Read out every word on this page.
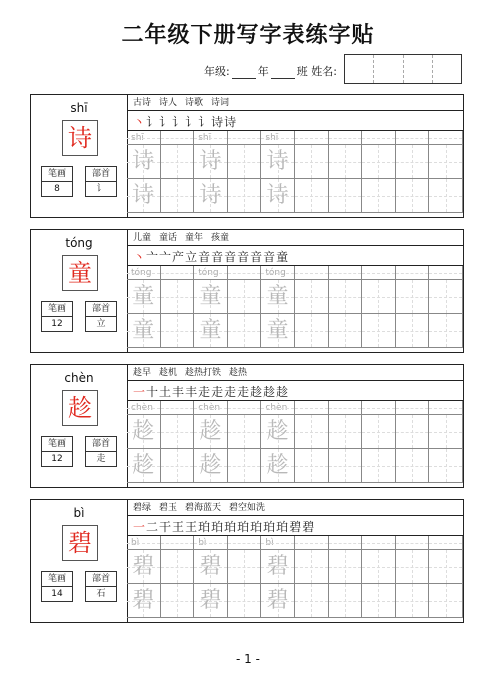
二年级下册写字表练字贴
年级:	年	班 姓名:
shī
诗
笔画
8
部首
讠
古诗 诗人 诗歌 诗词
丶讠讠讠讠讠诗诗
shī	shī	shī
诗 诗 诗
诗 诗 诗
tóng
童
笔画
12
部首
立
儿童 童话 童年 孩童
丶亠亠产立音音音音音音童
tóng	tóng	tóng
童 童 童
童 童 童
chèn
趁
笔画
12
部首
走
趁早 趁机 趁热打铁 趁热
一十土丰丰走走走走趁趁趁
chèn	chèn	chèn
趁 趁 趁
趁 趁 趁
bì
碧
笔画
14
部首
石
碧绿 碧玉 碧海蓝天 碧空如洗
一二干王王珀珀珀珀珀珀珀碧碧
bì	bì	bì
碧 碧 碧
碧 碧 碧
- 1 -
